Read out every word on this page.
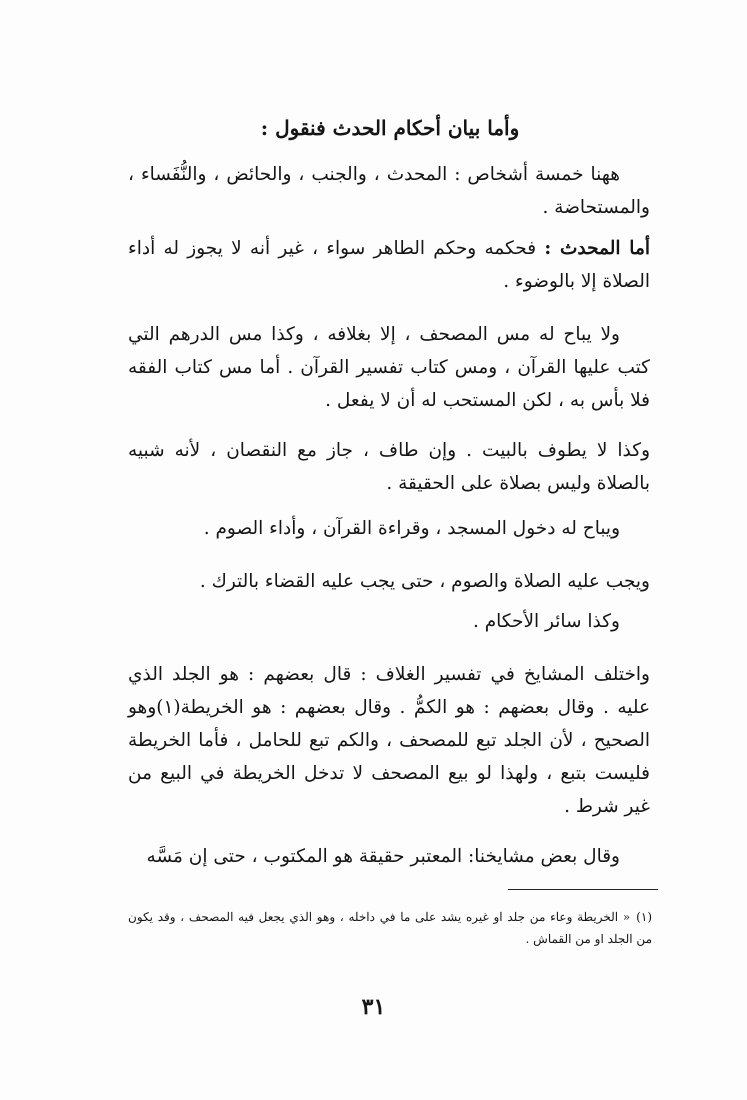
وأما بيان أحكام الحدث فنقول :
ههنا خمسة أشخاص : المحدث ، والجنب ، والحائض ، والنُّفَساء ، والمستحاضة .
أما المحدث : فحكمه وحكم الطاهر سواء ، غير أنه لا يجوز له أداء الصلاة إلا بالوضوء .
ولا يباح له مس المصحف ، إلا بغلافه ، وكذا مس الدرهم التي كتب عليها القرآن ، ومس كتاب تفسير القرآن . أما مس كتاب الفقه فلا بأس به ، لكن المستحب له أن لا يفعل .
وكذا لا يطوف بالبيت . وإن طاف ، جاز مع النقصان ، لأنه شبيه بالصلاة وليس بصلاة على الحقيقة .
ويباح له دخول المسجد ، وقراءة القرآن ، وأداء الصوم .
ويجب عليه الصلاة والصوم ، حتى يجب عليه القضاء بالترك .
وكذا سائر الأحكام .
واختلف المشايخ في تفسير الغلاف : قال بعضهم : هو الجلد الذي عليه . وقال بعضهم : هو الكمُّ . وقال بعضهم : هو الخريطة(١)وهو الصحيح ، لأن الجلد تبع للمصحف ، والكم تبع للحامل ، فأما الخريطة فليست بتبع ، ولهذا لو بيع المصحف لا تدخل الخريطة في البيع من غير شرط .
وقال بعض مشايخنا: المعتبر حقيقة هو المكتوب ، حتى إن مَسَّه
(١)« الخريطة وعاء من جلد او غيره يشد على ما في داخله ، وهو الذي يجعل فيه المصحف ، وقد يكون من الجلد او من القماش .
٣١
